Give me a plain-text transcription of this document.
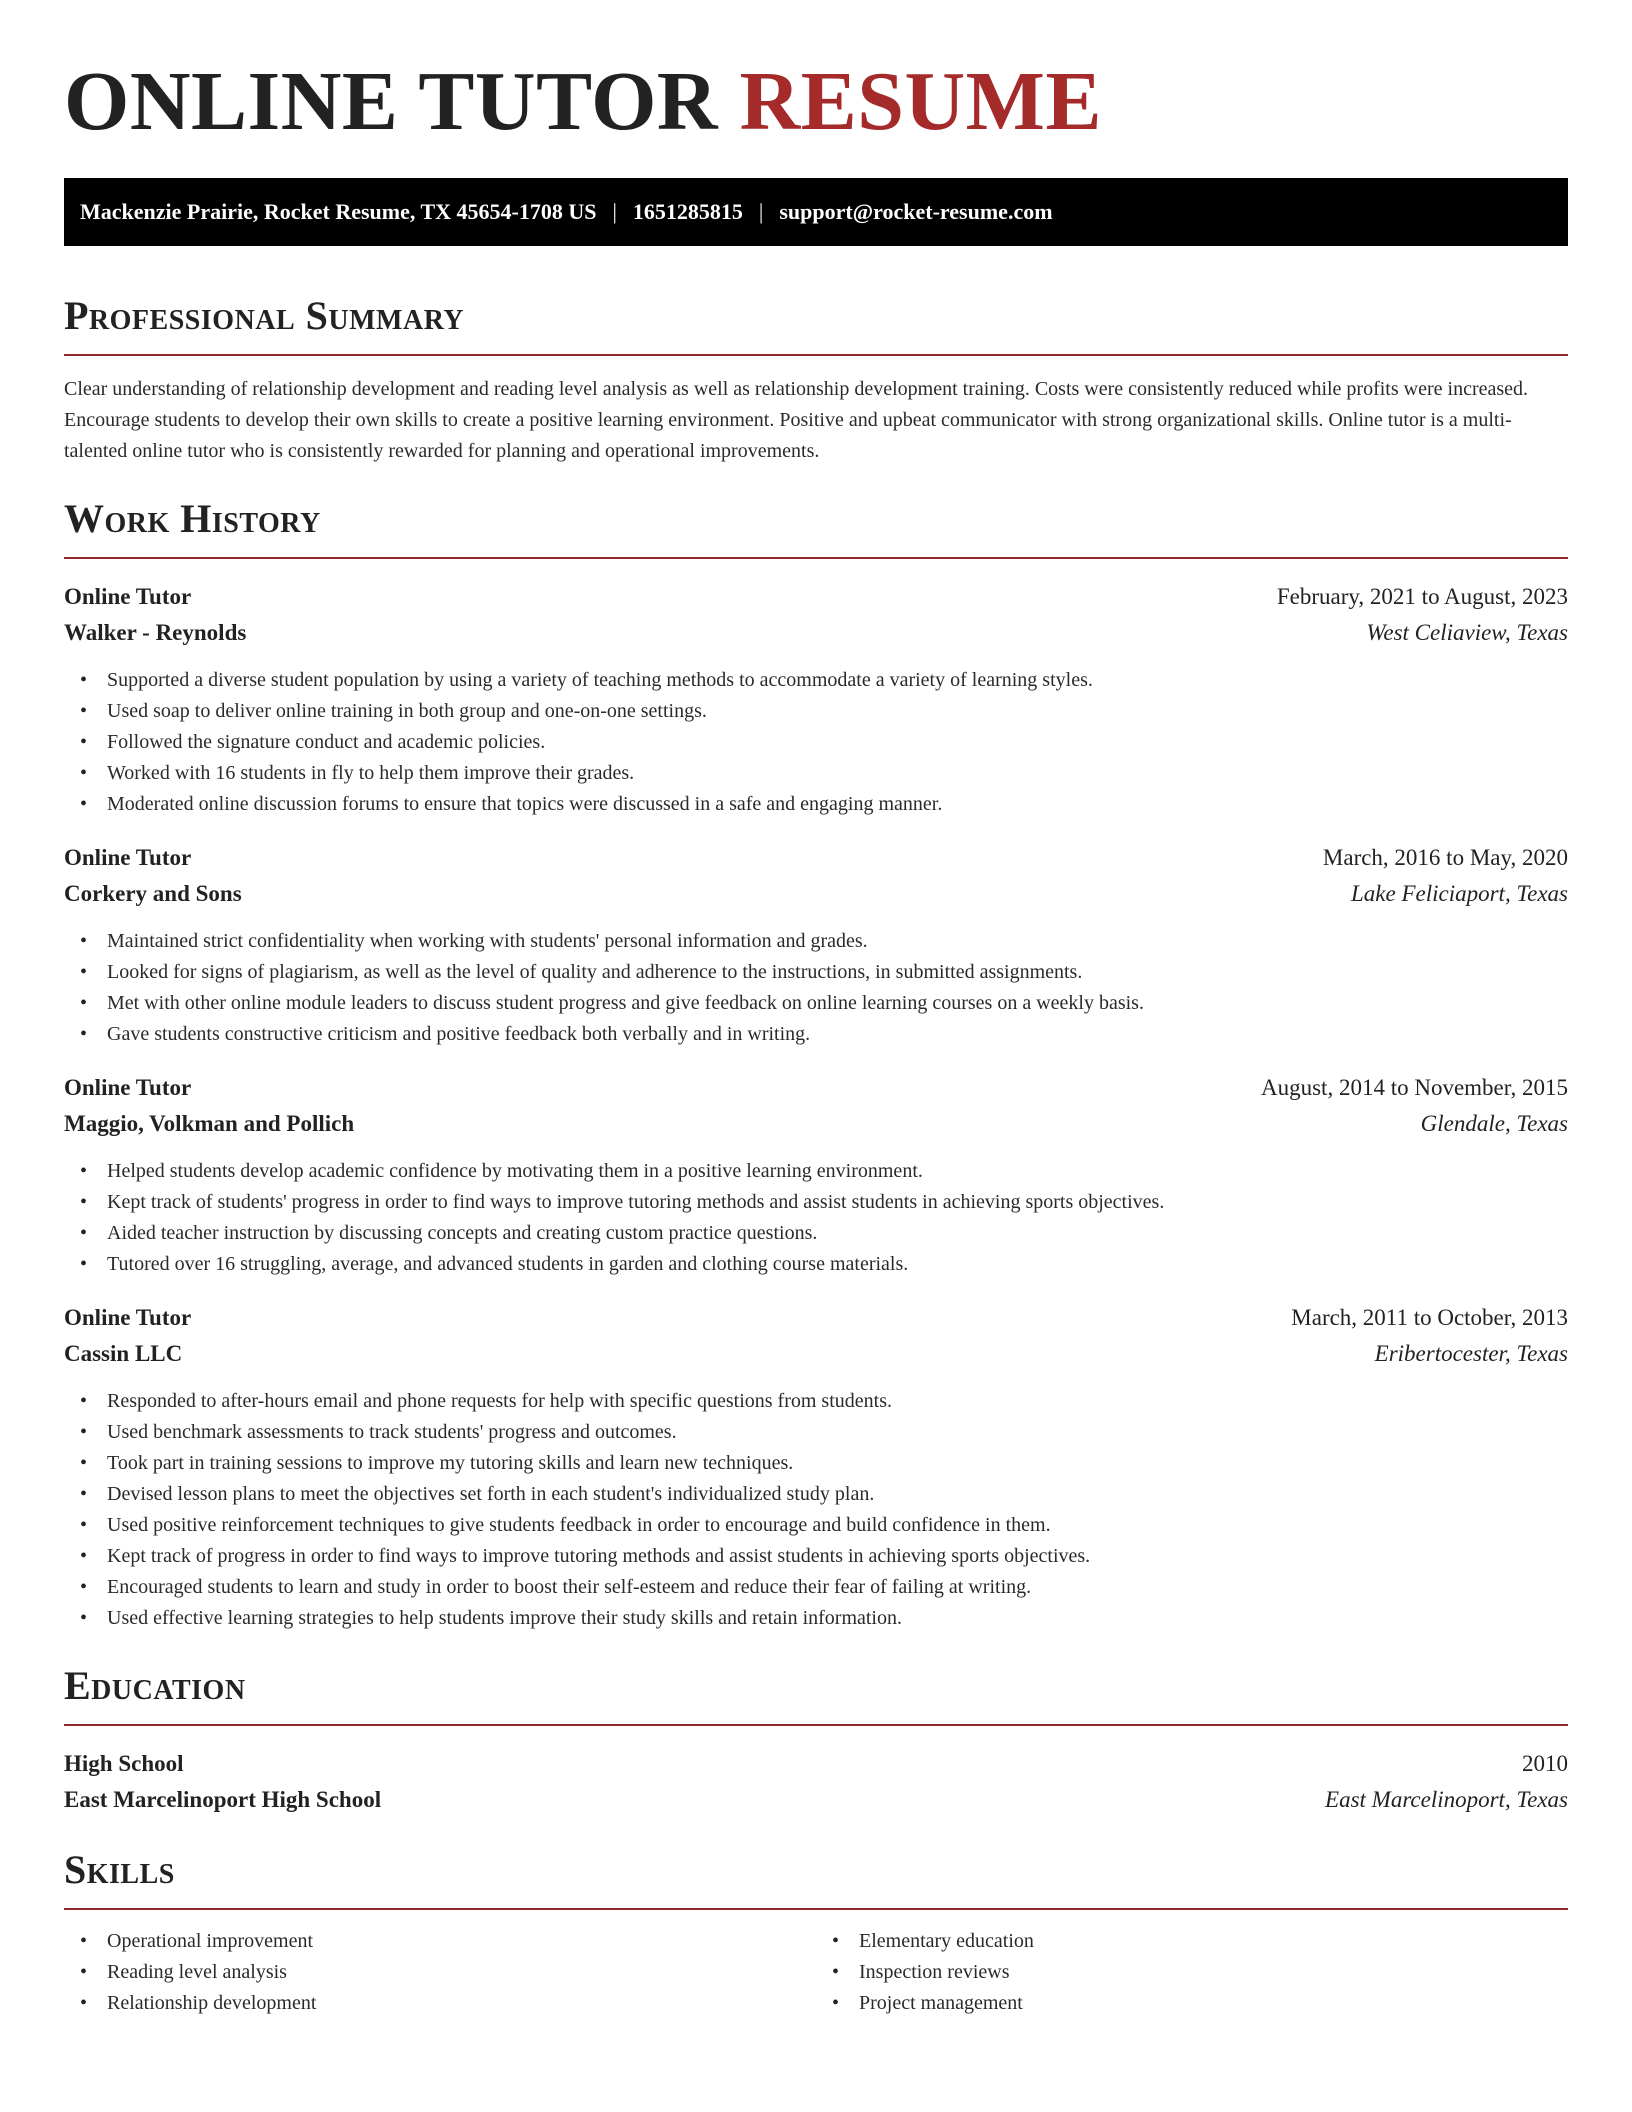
ONLINE TUTOR RESUME
Mackenzie Prairie, Rocket Resume, TX 45654-1708 US | 1651285815 | support@rocket-resume.com
Professional Summary

Clear understanding of relationship development and reading level analysis as well as relationship development training. Costs were consistently reduced while profits were increased. Encourage students to develop their own skills to create a positive learning environment. Positive and upbeat communicator with strong organizational skills. Online tutor is a multi-talented online tutor who is consistently rewarded for planning and operational improvements.

Work History
Online Tutor	February, 2021 to August, 2023
Walker - Reynolds	West Celiaview, Texas
• Supported a diverse student population by using a variety of teaching methods to accommodate a variety of learning styles.
• Used soap to deliver online training in both group and one-on-one settings.
• Followed the signature conduct and academic policies.
• Worked with 16 students in fly to help them improve their grades.
• Moderated online discussion forums to ensure that topics were discussed in a safe and engaging manner.
Online Tutor	March, 2016 to May, 2020
Corkery and Sons	Lake Feliciaport, Texas
• Maintained strict confidentiality when working with students' personal information and grades.
• Looked for signs of plagiarism, as well as the level of quality and adherence to the instructions, in submitted assignments.
• Met with other online module leaders to discuss student progress and give feedback on online learning courses on a weekly basis.
• Gave students constructive criticism and positive feedback both verbally and in writing.
Online Tutor	August, 2014 to November, 2015
Maggio, Volkman and Pollich	Glendale, Texas
• Helped students develop academic confidence by motivating them in a positive learning environment.
• Kept track of students' progress in order to find ways to improve tutoring methods and assist students in achieving sports objectives.
• Aided teacher instruction by discussing concepts and creating custom practice questions.
• Tutored over 16 struggling, average, and advanced students in garden and clothing course materials.
Online Tutor	March, 2011 to October, 2013
Cassin LLC	Eribertocester, Texas
• Responded to after-hours email and phone requests for help with specific questions from students.
• Used benchmark assessments to track students' progress and outcomes.
• Took part in training sessions to improve my tutoring skills and learn new techniques.
• Devised lesson plans to meet the objectives set forth in each student's individualized study plan.
• Used positive reinforcement techniques to give students feedback in order to encourage and build confidence in them.
• Kept track of progress in order to find ways to improve tutoring methods and assist students in achieving sports objectives.
• Encouraged students to learn and study in order to boost their self-esteem and reduce their fear of failing at writing.
• Used effective learning strategies to help students improve their study skills and retain information.
Education
High School	2010
East Marcelinoport High School	East Marcelinoport, Texas
Skills
• Operational improvement
• Reading level analysis
• Relationship development
• Elementary education
• Inspection reviews
• Project management
